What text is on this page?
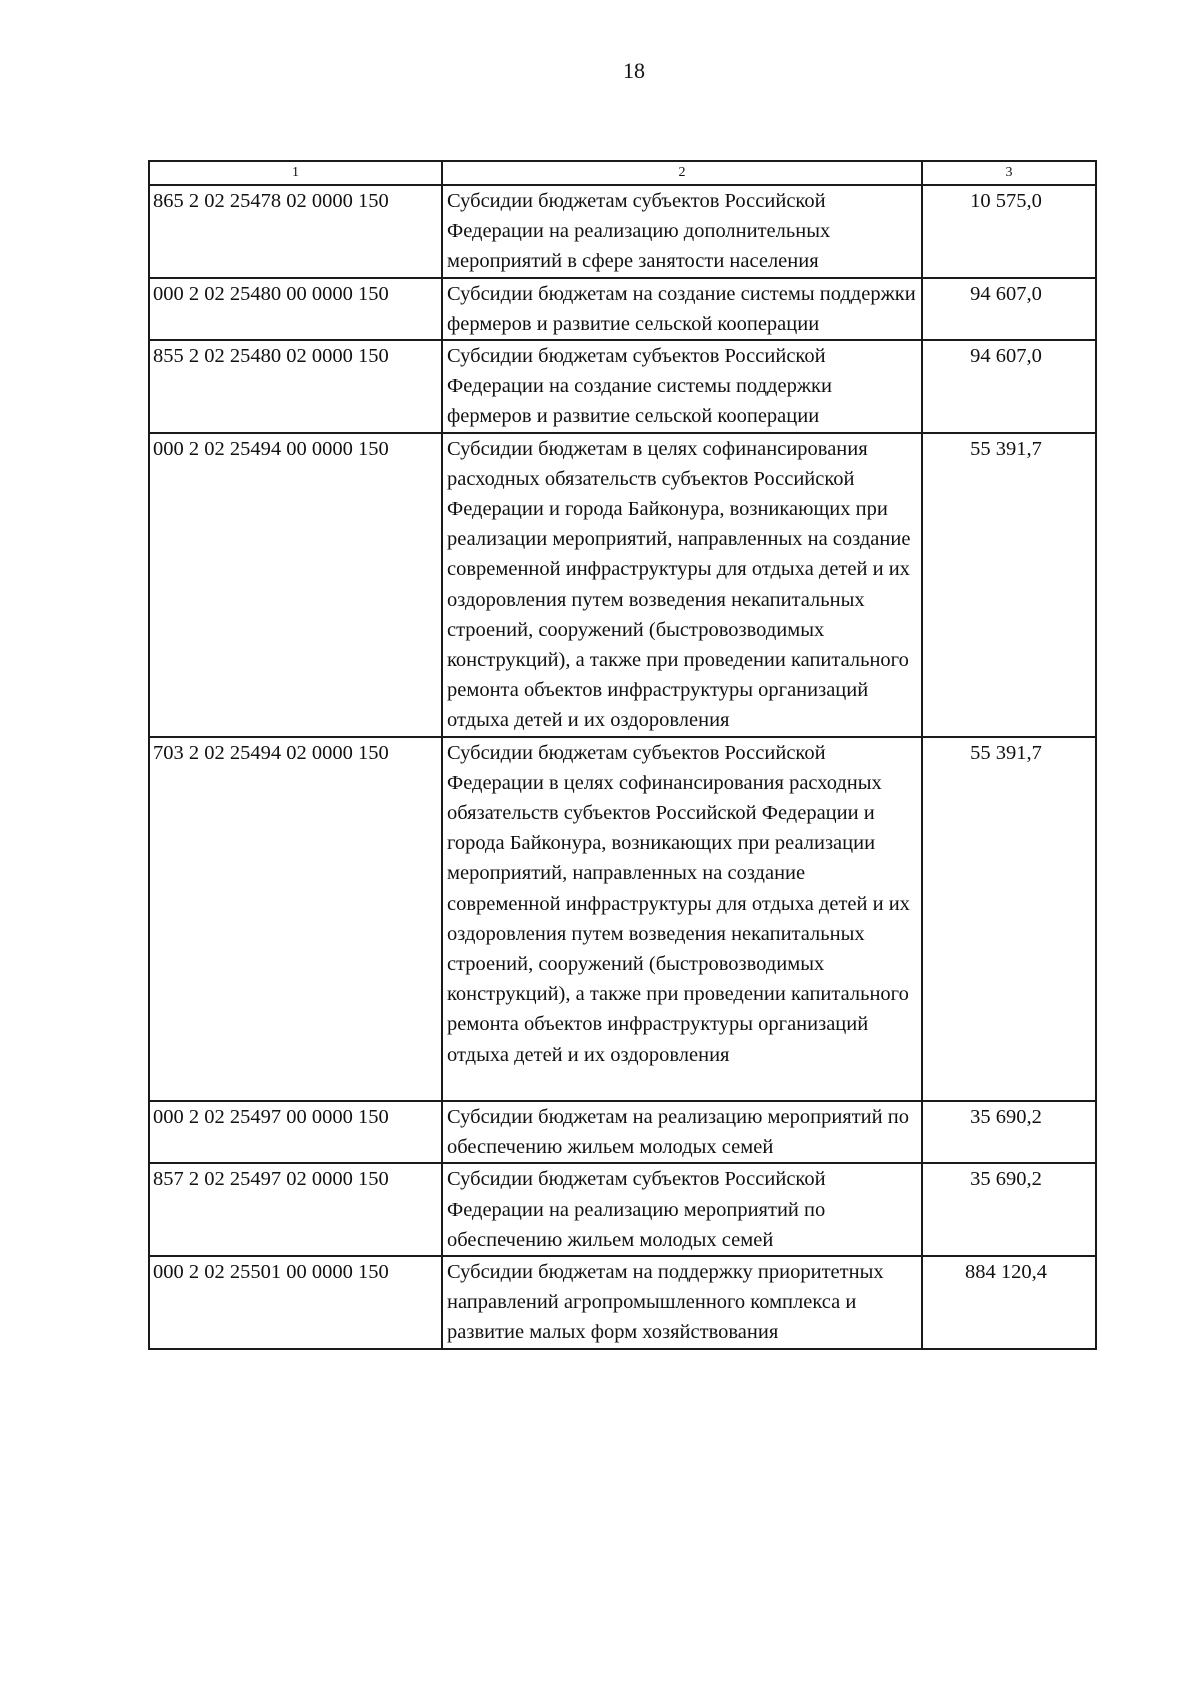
18
1	2	3
865 2 02 25478 02 0000 150	Субсидии бюджетам субъектов Российской Федерации на реализацию дополнительных мероприятий в сфере занятости населения	10 575,0
000 2 02 25480 00 0000 150	Субсидии бюджетам на создание системы поддержки фермеров и развитие сельской кооперации	94 607,0
855 2 02 25480 02 0000 150	Субсидии бюджетам субъектов Российской Федерации на создание системы поддержки фермеров и развитие сельской кооперации	94 607,0
000 2 02 25494 00 0000 150	Субсидии бюджетам в целях софинансирования расходных обязательств субъектов Российской Федерации и города Байконура, возникающих при реализации мероприятий, направленных на создание современной инфраструктуры для отдыха детей и их оздоровления путем возведения некапитальных строений, сооружений (быстровозводимых конструкций), а также при проведении капитального ремонта объектов инфраструктуры организаций отдыха детей и их оздоровления	55 391,7
703 2 02 25494 02 0000 150	Субсидии бюджетам субъектов Российской Федерации в целях софинансирования расходных обязательств субъектов Российской Федерации и города Байконура, возникающих при реализации мероприятий, направленных на создание современной инфраструктуры для отдыха детей и их оздоровления путем возведения некапитальных строений, сооружений (быстровозводимых конструкций), а также при проведении капитального ремонта объектов инфраструктуры организаций отдыха детей и их оздоровления	55 391,7
000 2 02 25497 00 0000 150	Субсидии бюджетам на реализацию мероприятий по обеспечению жильем молодых семей	35 690,2
857 2 02 25497 02 0000 150	Субсидии бюджетам субъектов Российской Федерации на реализацию мероприятий по обеспечению жильем молодых семей	35 690,2
000 2 02 25501 00 0000 150	Субсидии бюджетам на поддержку приоритетных направлений агропромышленного комплекса и развитие малых форм хозяйствования	884 120,4
